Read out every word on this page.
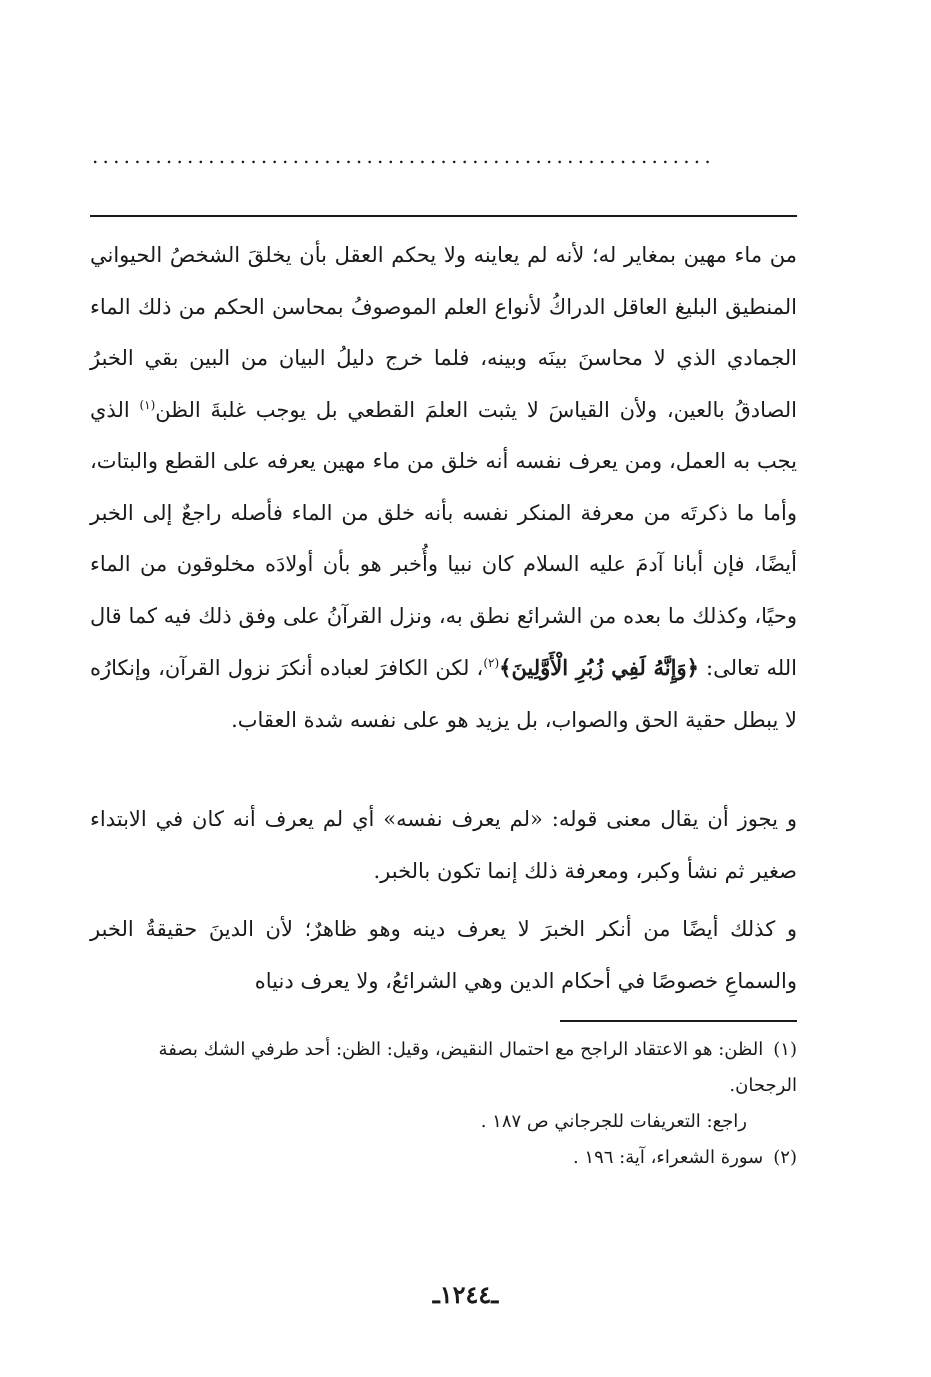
...........................................................

من ماء مهين بمغاير له؛ لأنه لم يعاينه ولا يحكم العقل بأن يخلقَ الشخصُ الحيواني المنطيق البليغ العاقل الدراكُ لأنواع العلم الموصوفُ بمحاسن الحكم من ذلك الماء الجمادي الذي لا محاسنَ بينَه وبينه، فلما خرج دليلُ البيان من البين بقي الخبرُ الصادقُ بالعين، ولأن القياسَ لا يثبت العلمَ القطعي بل يوجب غلبةَ الظن$^{(١)}$ الذي يجب به العمل، ومن يعرف نفسه أنه خلق من ماء مهين يعرفه على القطع والبتات، وأما ما ذكرتَه من معرفة المنكر نفسه بأنه خلق من الماء فأصله راجعٌ إلى الخبر أيضًا، فإن أبانا آدمَ عليه السلام كان نبيا وأُخبر هو بأن أولادَه مخلوقون من الماء وحيًا، وكذلك ما بعده من الشرائع نطق به، ونزل القرآنُ على وفق ذلك فيه كما قال الله تعالى: ﴿وَإِنَّهُ لَفِي زُبُرِ الْأَوَّلِينَ﴾$^{(٢)}$، لكن الكافرَ لعباده أنكرَ نزول القرآن، وإنكارُه لا يبطل حقية الحق والصواب، بل يزيد هو على نفسه شدة العقاب.

و يجوز أن يقال معنى قوله: «لم يعرف نفسه» أي لم يعرف أنه كان في الابتداء صغير ثم نشأ وكبر، ومعرفة ذلك إنما تكون بالخبر.

و كذلك أيضًا من أنكر الخبرَ لا يعرف دينه وهو ظاهرٌ؛ لأن الدينَ حقيقةُ الخبر والسماعِ خصوصًا في أحكام الدين وهي الشرائعُ، ولا يعرف دنياه

(١)الظن: هو الاعتقاد الراجح مع احتمال النقيض، وقيل: الظن: أحد طرفي الشك بصفة الرجحان.

راجع: التعريفات للجرجاني ص ١٨٧ .

(٢)سورة الشعراء، آية: ١٩٦ .

ـ١٢٤٤ـ
